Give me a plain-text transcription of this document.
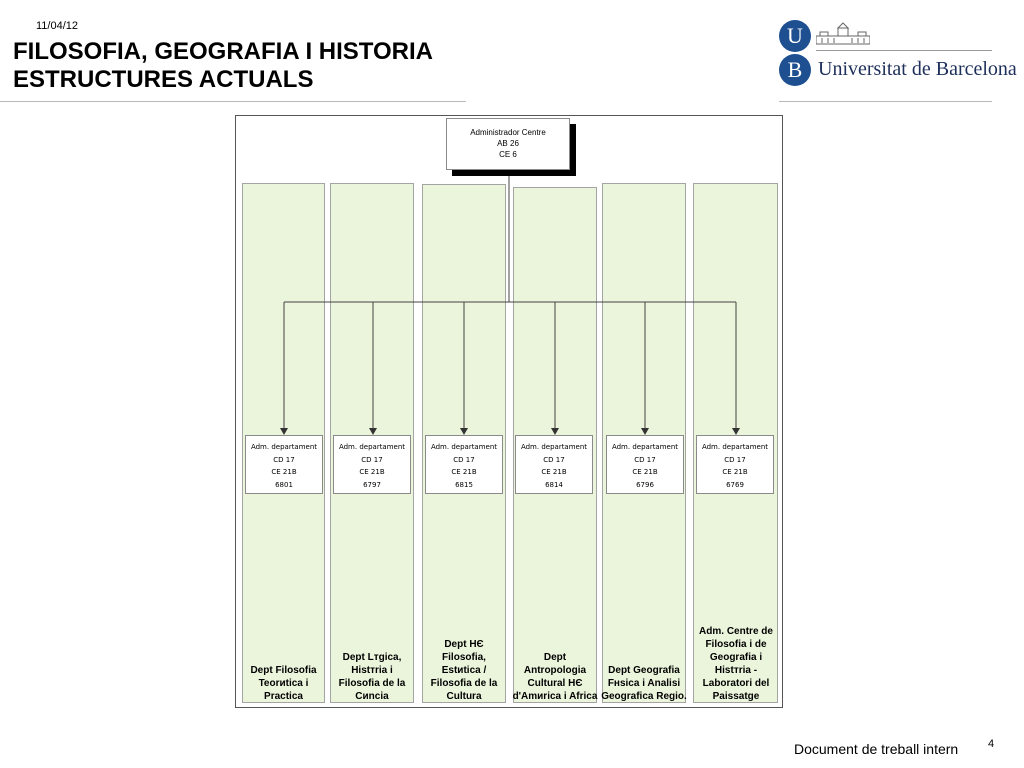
11/04/12
FILOSOFIA, GEOGRAFIA I HISTORIA
ESTRUCTURES ACTUALS
U
B Universitat de Barcelona
Administrador Centre
AB 26
CE 6
Adm. departament
CD 17
CE 21B
6801
Adm. departament
CD 17
CE 21B
6797
Adm. departament
CD 17
CE 21B
6815
Adm. departament
CD 17
CE 21B
6814
Adm. departament
CD 17
CE 21B
6796
Adm. departament
CD 17
CE 21B
6769
Dept Filosofia
Teorиtica i
Practica
Dept Lтgica,
Histтria i
Filosofia de la
Cиncia
Dept HЄ
Filosofia,
Estиtica /
Filosofia de la
Cultura
Dept
Antropologia
Cultural HЄ
d'Amиrica i Africa
Dept Geografia
Fнsica i Analisi
Geografica Regio.
Adm. Centre de
Filosofia i de
Geografia i
Histтria -
Laboratori del
Paissatge
Document de treball intern	4
